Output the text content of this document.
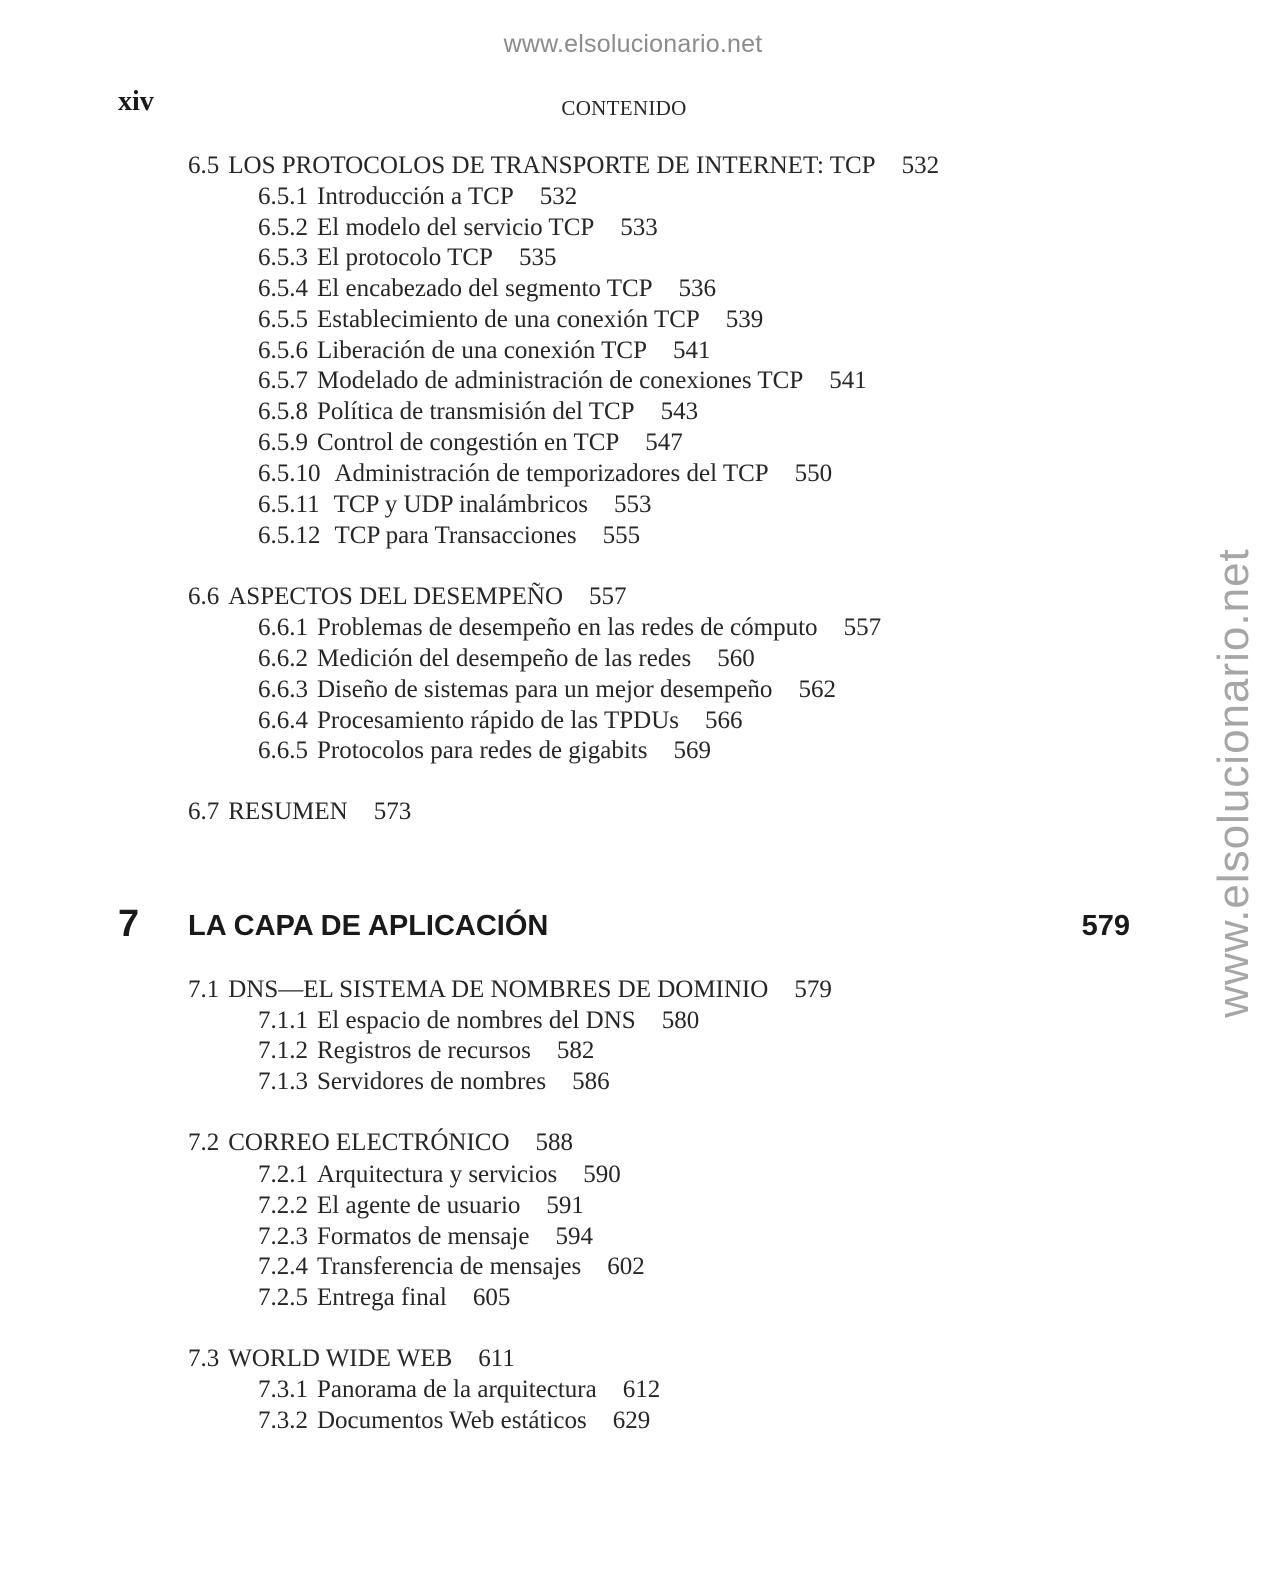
www.elsolucionario.net
www.elsolucionario.net
xiv	CONTENIDO
6.5 LOS PROTOCOLOS DE TRANSPORTE DE INTERNET: TCP 532
6.5.1 Introducción a TCP 532
6.5.2 El modelo del servicio TCP 533
6.5.3 El protocolo TCP 535
6.5.4 El encabezado del segmento TCP 536
6.5.5 Establecimiento de una conexión TCP 539
6.5.6 Liberación de una conexión TCP 541
6.5.7 Modelado de administración de conexiones TCP 541
6.5.8 Política de transmisión del TCP 543
6.5.9 Control de congestión en TCP 547
6.5.10 Administración de temporizadores del TCP 550
6.5.11 TCP y UDP inalámbricos 553
6.5.12 TCP para Transacciones 555
6.6 ASPECTOS DEL DESEMPEÑO 557
6.6.1 Problemas de desempeño en las redes de cómputo 557
6.6.2 Medición del desempeño de las redes 560
6.6.3 Diseño de sistemas para un mejor desempeño 562
6.6.4 Procesamiento rápido de las TPDUs 566
6.6.5 Protocolos para redes de gigabits 569
6.7 RESUMEN 573
7 LA CAPA DE APLICACIÓN	579
7.1 DNS—EL SISTEMA DE NOMBRES DE DOMINIO 579
7.1.1 El espacio de nombres del DNS 580
7.1.2 Registros de recursos 582
7.1.3 Servidores de nombres 586
7.2 CORREO ELECTRÓNICO 588
7.2.1 Arquitectura y servicios 590
7.2.2 El agente de usuario 591
7.2.3 Formatos de mensaje 594
7.2.4 Transferencia de mensajes 602
7.2.5 Entrega final 605
7.3 WORLD WIDE WEB 611
7.3.1 Panorama de la arquitectura 612
7.3.2 Documentos Web estáticos 629
